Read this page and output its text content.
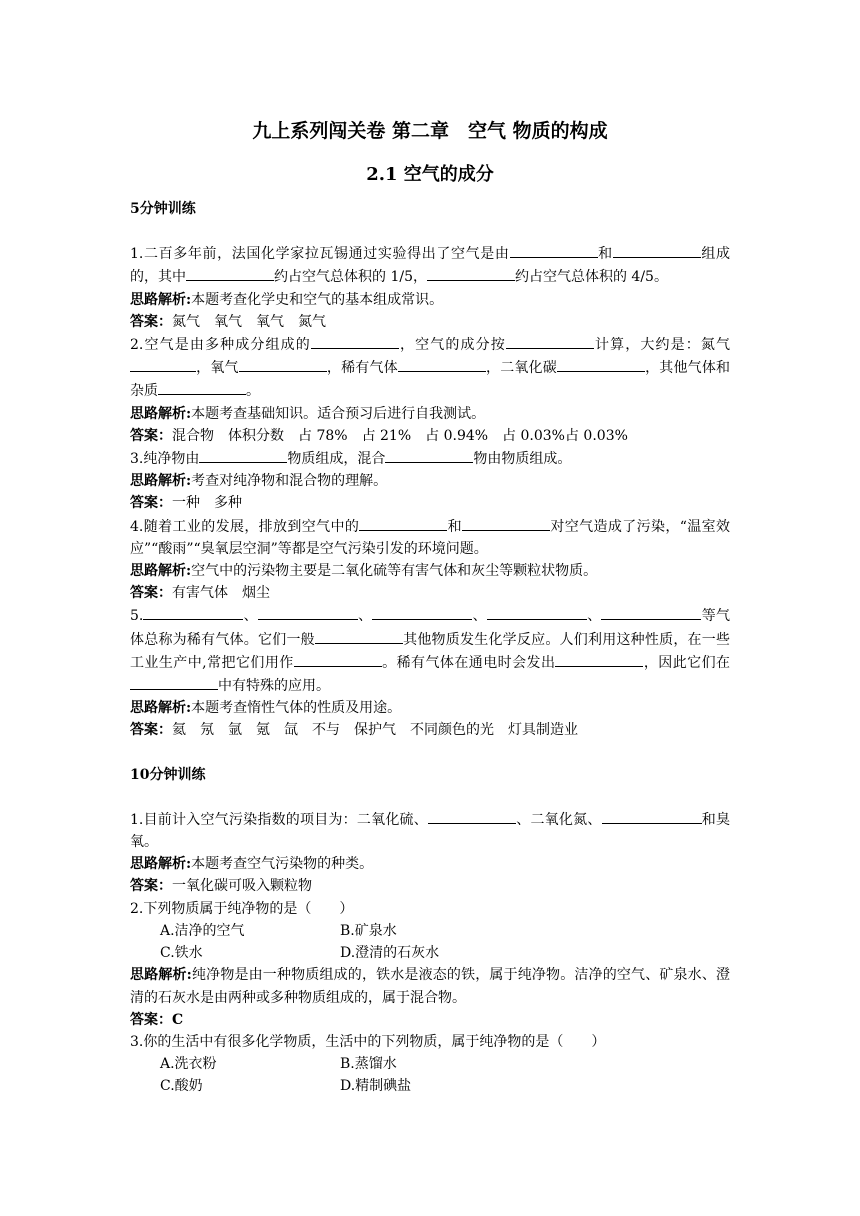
九上系列闯关卷 第二章　空气 物质的构成
2.1 空气的成分
5分钟训练
1.二百多年前，法国化学家拉瓦锡通过实验得出了空气是由	和	组成的，其中	约占空气总体积的 1/5，	约占空气总体积的 4/5。
思路解析:本题考查化学史和空气的基本组成常识。
答案：氮气　氧气　氧气　氮气
2.空气是由多种成分组成的	，空气的成分按	计算，大约是：氮气，氧气	，稀有气体	，二氧化碳	，其他气体和杂质	。
思路解析:本题考查基础知识。适合预习后进行自我测试。
答案：混合物　体积分数　占 78%　占 21%　占 0.94%　占 0.03%占 0.03%
3.纯净物由	物质组成，混合	物由物质组成。
思路解析:考查对纯净物和混合物的理解。
答案：一种　多种
4.随着工业的发展，排放到空气中的	和	对空气造成了污染，“温室效应”“酸雨”“臭氧层空洞”等都是空气污染引发的环境问题。
思路解析:空气中的污染物主要是二氧化硫等有害气体和灰尘等颗粒状物质。
答案：有害气体　烟尘
5.	、	、	、	、	等气体总称为稀有气体。它们一般	其他物质发生化学反应。人们利用这种性质，在一些工业生产中,常把它们用作	。稀有气体在通电时会发出	，因此它们在中有特殊的应用。
思路解析:本题考查惰性气体的性质及用途。
答案：氦　氖　氩　氪　氙　不与　保护气　不同颜色的光　灯具制造业
10分钟训练
1.目前计入空气污染指数的项目为：二氧化硫、	、二氧化氮、	和臭氧。
思路解析:本题考查空气污染物的种类。
答案：一氧化碳可吸入颗粒物
2.下列物质属于纯净物的是（　　）
A.洁净的空气	B.矿泉水
C.铁水	D.澄清的石灰水
思路解析:纯净物是由一种物质组成的，铁水是液态的铁，属于纯净物。洁净的空气、矿泉水、澄清的石灰水是由两种或多种物质组成的，属于混合物。
答案：C
3.你的生活中有很多化学物质，生活中的下列物质，属于纯净物的是（　　）
A.洗衣粉	B.蒸馏水
C.酸奶	D.精制碘盐
